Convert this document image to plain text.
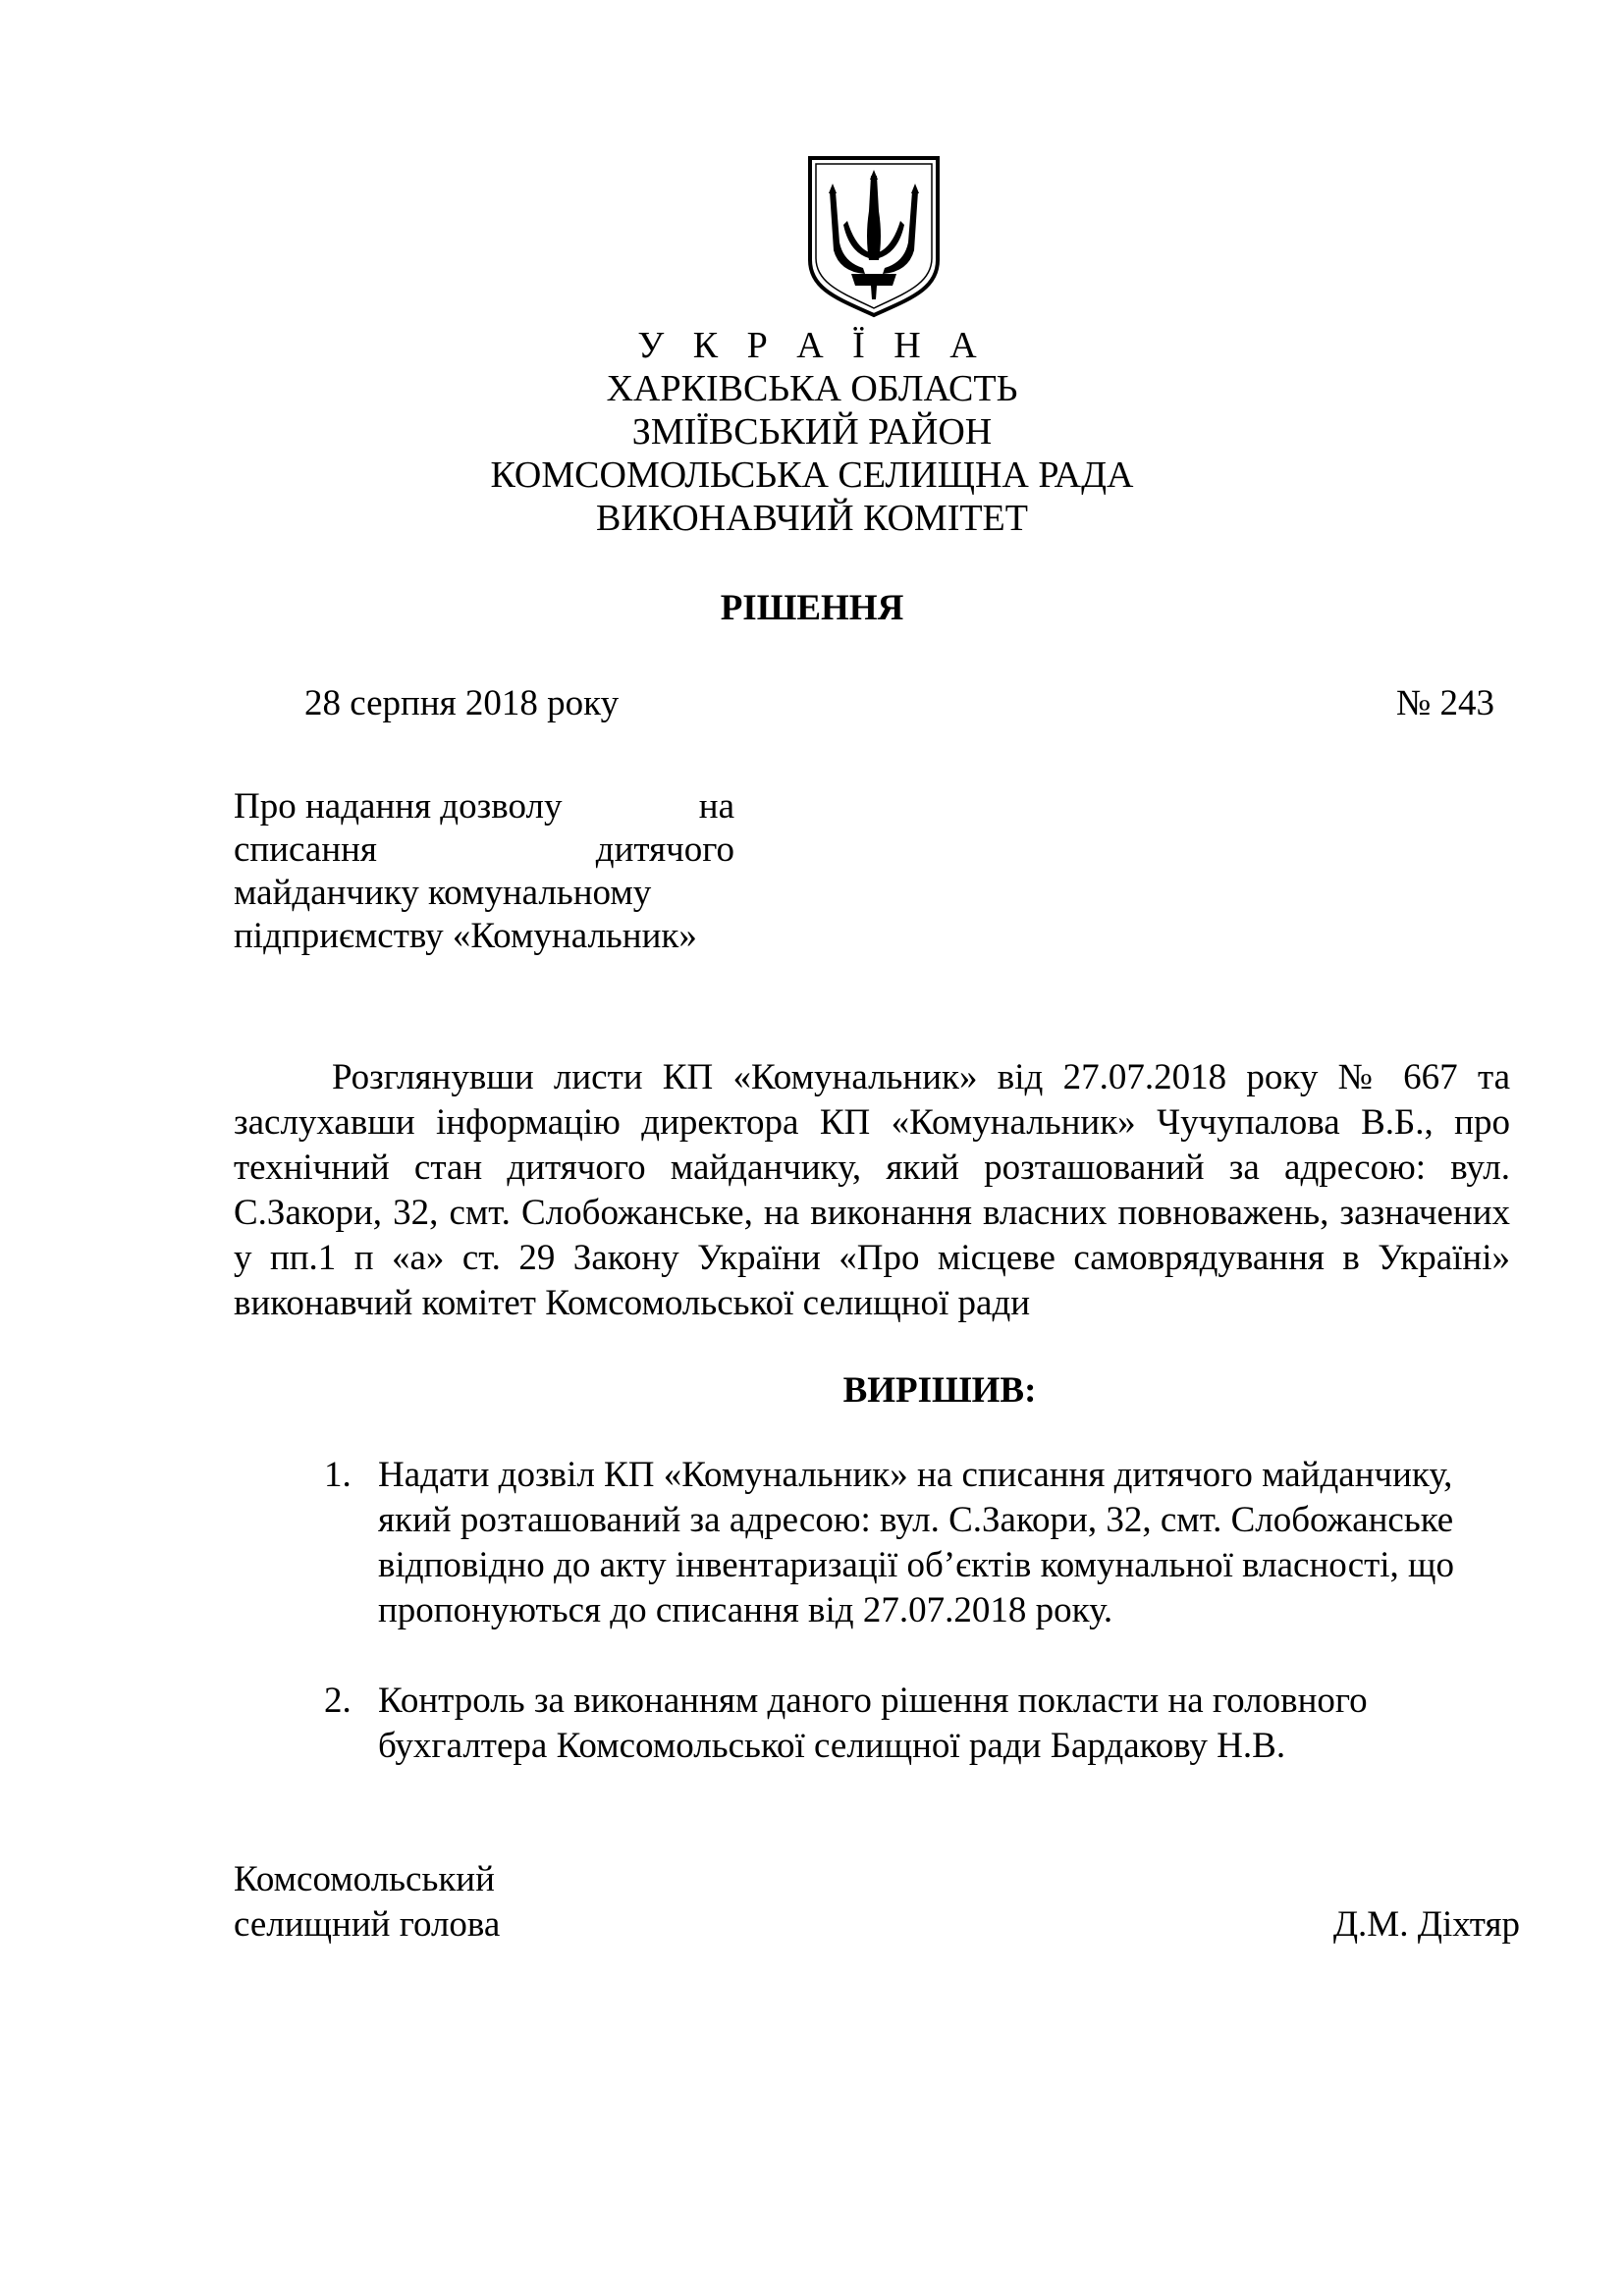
У К Р А Ї Н А
ХАРКІВСЬКА ОБЛАСТЬ
ЗМІЇВСЬКИЙ РАЙОН
КОМСОМОЛЬСЬКА СЕЛИЩНА РАДА
ВИКОНАВЧИЙ КОМІТЕТ
РІШЕННЯ
28 серпня 2018 року	№ 243
Про надання дозволу	на
списання	дитячого
майданчику комунальному
підприємству «Комунальник»
Розглянувши листи КП «Комунальник» від 27.07.2018 року № 667 та заслухавши інформацію директора КП «Комунальник» Чучупалова В.Б., про технічний стан дитячого майданчику, який розташований за адресою: вул. С.Закори, 32, смт. Слобожанське, на виконання власних повноважень, зазначених у пп.1 п «а» ст. 29 Закону України «Про місцеве самоврядування в Україні» виконавчий комітет Комсомольської селищної ради
ВИРІШИВ:
1. Надати дозвіл КП «Комунальник» на списання дитячого майданчику, який розташований за адресою: вул. С.Закори, 32, смт. Слобожанське відповідно до акту інвентаризації об’єктів комунальної власності, що пропонуються до списання від 27.07.2018 року.
2. Контроль за виконанням даного рішення покласти на головного бухгалтера Комсомольської селищної ради Бардакову Н.В.
Комсомольський
селищний голова	Д.М. Діхтяр
